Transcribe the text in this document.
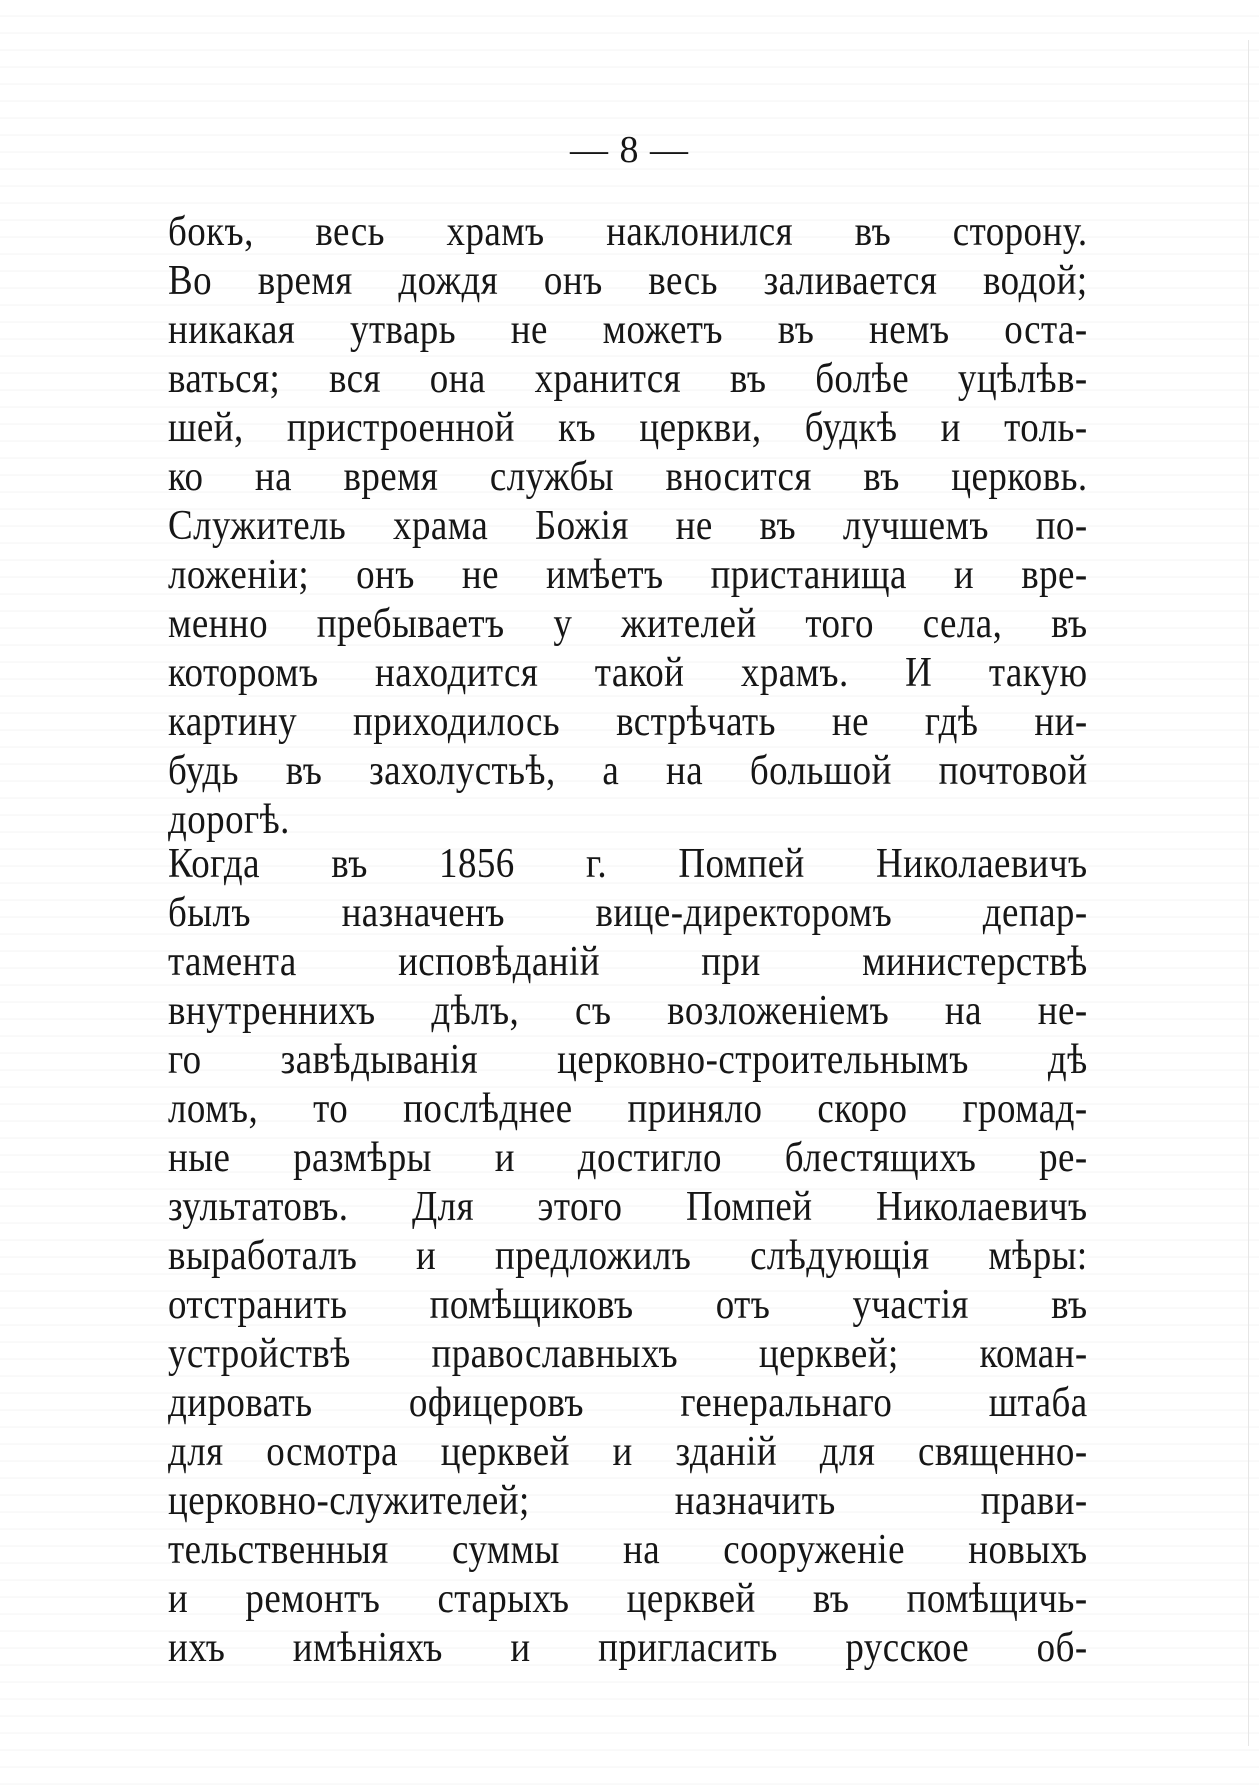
— 8 —
бокъ, весь храмъ наклонился въ сторону.
Во время дождя онъ весь заливается водой;
никакая утварь не можетъ въ немъ оста-
ваться; вся она хранится въ болѣе уцѣлѣв-
шей, пристроенной къ церкви, будкѣ и толь-
ко на время службы вносится въ церковь.
Служитель храма Божія не въ лучшемъ по-
ложеніи; онъ не имѣетъ пристанища и вре-
менно пребываетъ у жителей того села, въ
которомъ находится такой храмъ. И такую
картину приходилось встрѣчать не гдѣ ни-
будь въ захолустьѣ, а на большой почтовой
дорогѣ.
Когда въ 1856 г. Помпей Николаевичъ
былъ назначенъ вице-директоромъ депар-
тамента исповѣданій при министерствѣ
внутреннихъ дѣлъ, съ возложеніемъ на не-
го завѣдыванія церковно-строительнымъ дѣ
ломъ, то послѣднее приняло скоро громад-
ные размѣры и достигло блестящихъ ре-
зультатовъ. Для этого Помпей Николаевичъ
выработалъ и предложилъ слѣдующія мѣры:
отстранить помѣщиковъ отъ участія въ
устройствѣ православныхъ церквей; коман-
дировать офицеровъ генеральнаго штаба
для осмотра церквей и зданій для священно-
церковно-служителей; назначить прави-
тельственныя суммы на сооруженіе новыхъ
и ремонтъ старыхъ церквей въ помѣщичь-
ихъ имѣніяхъ и пригласить русское об-
